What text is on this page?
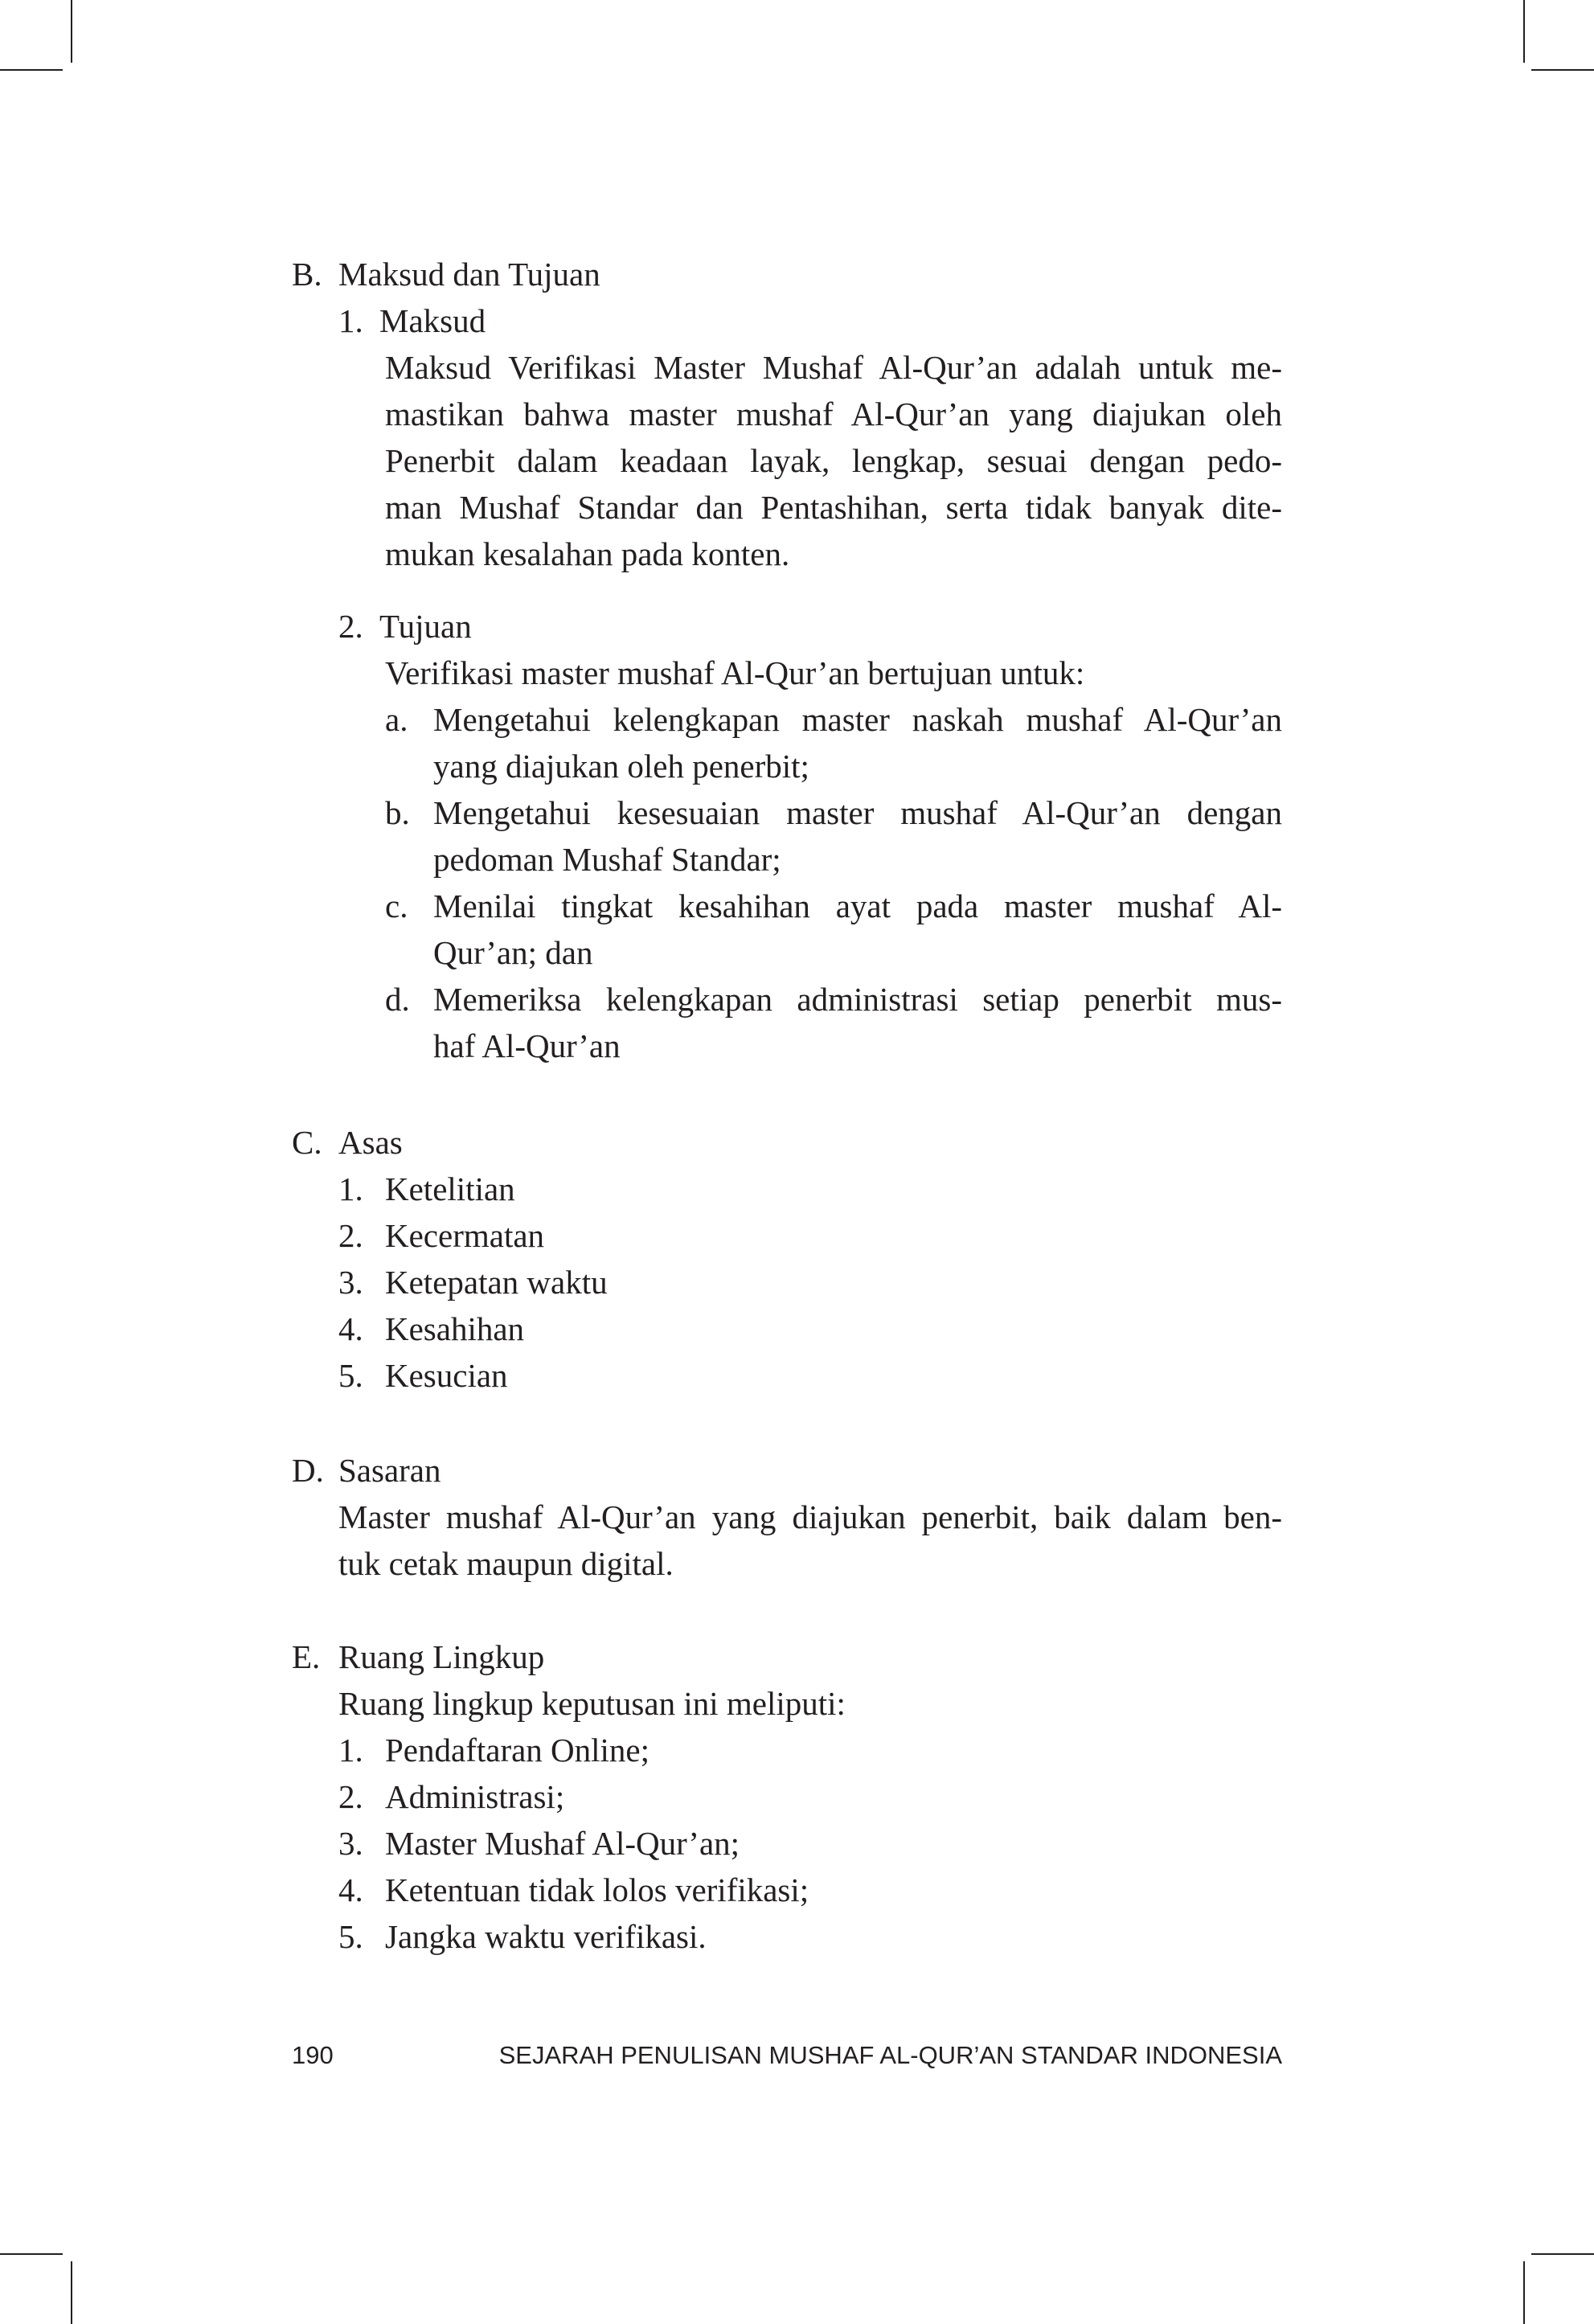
B. Maksud dan Tujuan
1. Maksud
Maksud Verifikasi Master Mushaf Al-Qur’an adalah untuk me-
mastikan bahwa master mushaf Al-Qur’an yang diajukan oleh
Penerbit dalam keadaan layak, lengkap, sesuai dengan pedo-
man Mushaf Standar dan Pentashihan, serta tidak banyak dite-
mukan kesalahan pada konten.
2. Tujuan
Verifikasi master mushaf Al-Qur’an bertujuan untuk:
a. Mengetahui kelengkapan master naskah mushaf Al-Qur’an
yang diajukan oleh penerbit;
b. Mengetahui kesesuaian master mushaf Al-Qur’an dengan
pedoman Mushaf Standar;
c. Menilai tingkat kesahihan ayat pada master mushaf Al-
Qur’an; dan
d. Memeriksa kelengkapan administrasi setiap penerbit mus-
haf Al-Qur’an
C. Asas
1. Ketelitian
2. Kecermatan
3. Ketepatan waktu
4. Kesahihan
5. Kesucian
D. Sasaran
Master mushaf Al-Qur’an yang diajukan penerbit, baik dalam ben-
tuk cetak maupun digital.
E. Ruang Lingkup
Ruang lingkup keputusan ini meliputi:
1. Pendaftaran Online;
2. Administrasi;
3. Master Mushaf Al-Qur’an;
4. Ketentuan tidak lolos verifikasi;
5. Jangka waktu verifikasi.
190	SEJARAH PENULISAN MUSHAF AL-QUR’AN STANDAR INDONESIA
